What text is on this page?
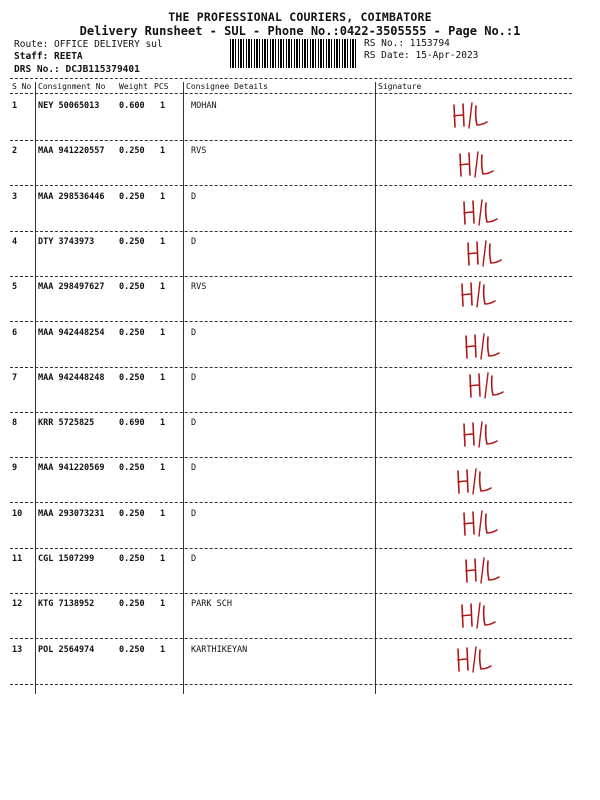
THE PROFESSIONAL COURIERS, COIMBATORE
Delivery Runsheet - SUL - Phone No.:0422-3505555 - Page No.:1
Route: OFFICE DELIVERY sul
Staff: REETA
DRS No.: DCJB115379401
RS No.: 1153794
RS Date: 15-Apr-2023
S No Consignment No Weight PCS Consignee Details	Signature
1 NEY 50065013 0.600 1	MOHAN
2 MAA 941220557 0.250 1	RVS
3 MAA 298536446 0.250 1	D
4 DTY 3743973	0.250 1	D
5 MAA 298497627 0.250 1	RVS
6 MAA 942448254 0.250 1	D
7 MAA 942448248 0.250 1	D
8 KRR 5725825	0.690 1	D
9 MAA 941220569 0.250 1	D
10 MAA 293073231 0.250 1	D
11 CGL 1507299	0.250 1	D
12 KTG 7138952	0.250 1	PARK SCH
13 POL 2564974	0.250 1	KARTHIKEYAN
